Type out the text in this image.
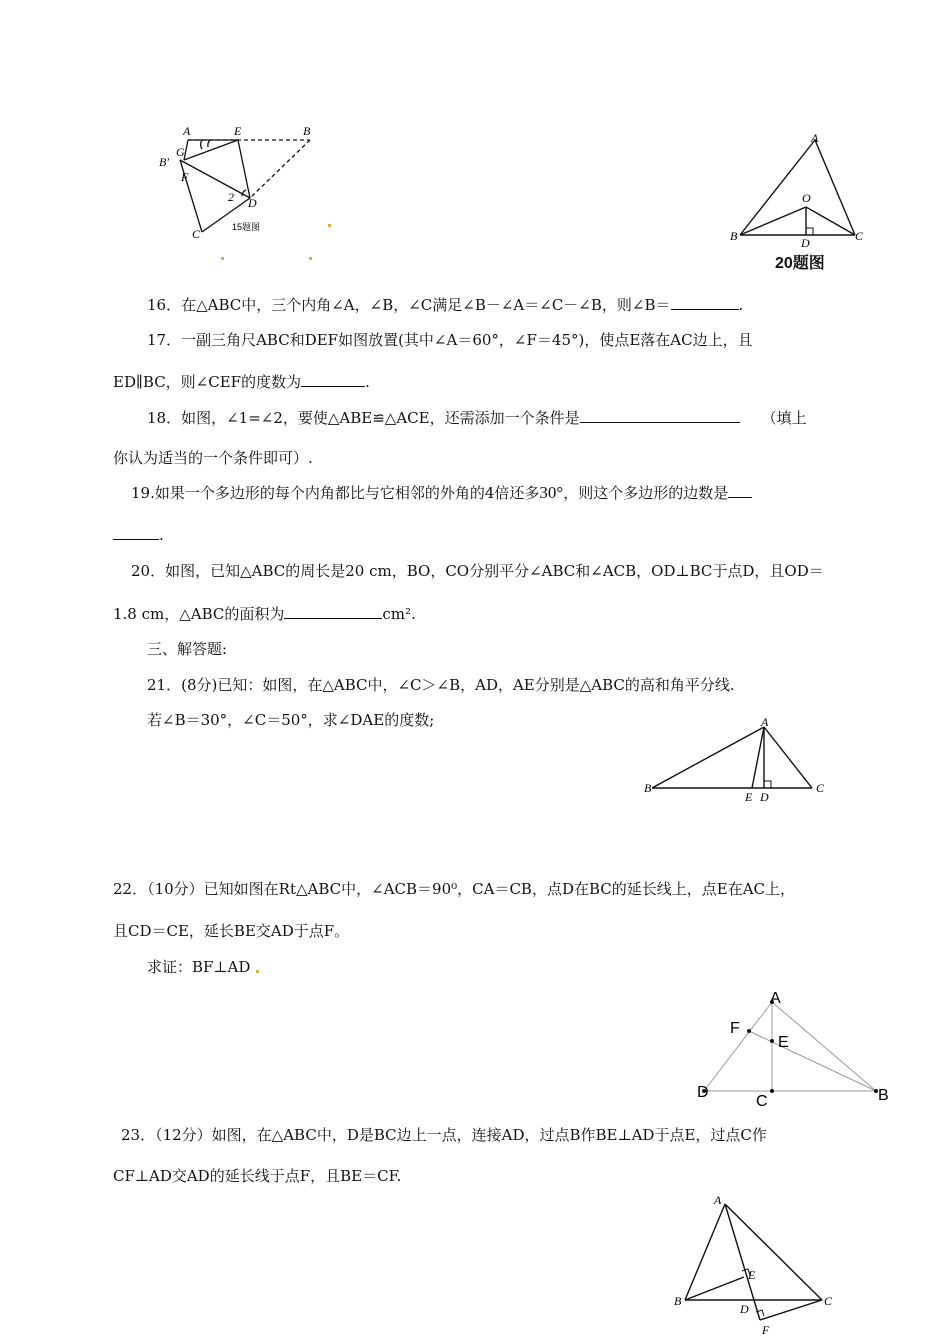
A	E	B
B′
G
F
2 D
C	15题图
A
O
B	D	C
20题图
16．在△ABC中，三个内角∠A，∠B，∠C满足∠B－∠A＝∠C－∠B，则∠B＝	.
17．一副三角尺ABC和DEF如图放置(其中∠A＝60°，∠F＝45°)，使点E落在AC边上，且
ED∥BC，则∠CEF的度数为	.
18．如图，∠1=∠2，要使△ABE≌△ACE，还需添加一个条件是	（填上
你认为适当的一个条件即可）.
19.如果一个多边形的每个内角都比与它相邻的外角的4倍还多30°，则这个多边形的边数是
.
20．如图，已知△ABC的周长是20 cm，BO，CO分别平分∠ABC和∠ACB，OD⊥BC于点D，且OD＝
1.8 cm，△ABC的面积为	cm².
三、解答题:
21．(8分)已知：如图，在△ABC中，∠C＞∠B，AD，AE分别是△ABC的高和角平分线.
若∠B＝30°，∠C＝50°，求∠DAE的度数;	A
B
E D
C
22．（10分）已知如图在Rt△ABC中，∠ACB＝90⁰，CA＝CB，点D在BC的延长线上，点E在AC上，
且CD＝CE，延长BE交AD于点F。
求证：BF⊥AD
A
F
E
D
C	B
23．（12分）如图，在△ABC中，D是BC边上一点，连接AD，过点B作BE⊥AD于点E，过点C作
CF⊥AD交AD的延长线于点F，且BE＝CF.
A
E
B
D
C
F
